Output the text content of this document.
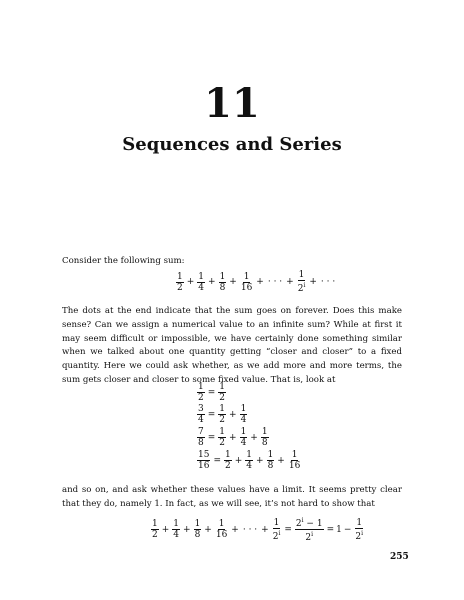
11
Sequences and Series

Consider the following sum:

$\frac{1}{2} + \frac{1}{4} + \frac{1}{8} + \frac{1}{16}$ + · · · + $\frac{1}{2^i}$ + · · ·

The dots at the end indicate that the sum goes on forever. Does this make sense? Can we assign a numerical value to an infinite sum? While at first it may seem difficult or impossible, we have certainly done something similar when we talked about one quantity getting “closer and closer” to a fixed quantity. Here we could ask whether, as we add more and more terms, the sum gets closer and closer to some fixed value. That is, look at

$\frac{1}{2} = \frac{1}{2}$
$\frac{3}{4} = \frac{1}{2} + \frac{1}{4}$
$\frac{7}{8} = \frac{1}{2} + \frac{1}{4} + \frac{1}{8}$
$\frac{15}{16} = \frac{1}{2} + \frac{1}{4} + \frac{1}{8} + \frac{1}{16}$

and so on, and ask whether these values have a limit. It seems pretty clear that they do, namely 1. In fact, as we will see, it’s not hard to show that

$\frac{1}{2} + \frac{1}{4} + \frac{1}{8} + \frac{1}{16}$ + · · · + $\frac{1}{2^i} = \frac{2^i - 1}{2^i} = 1 - \frac{1}{2^i}$
255
